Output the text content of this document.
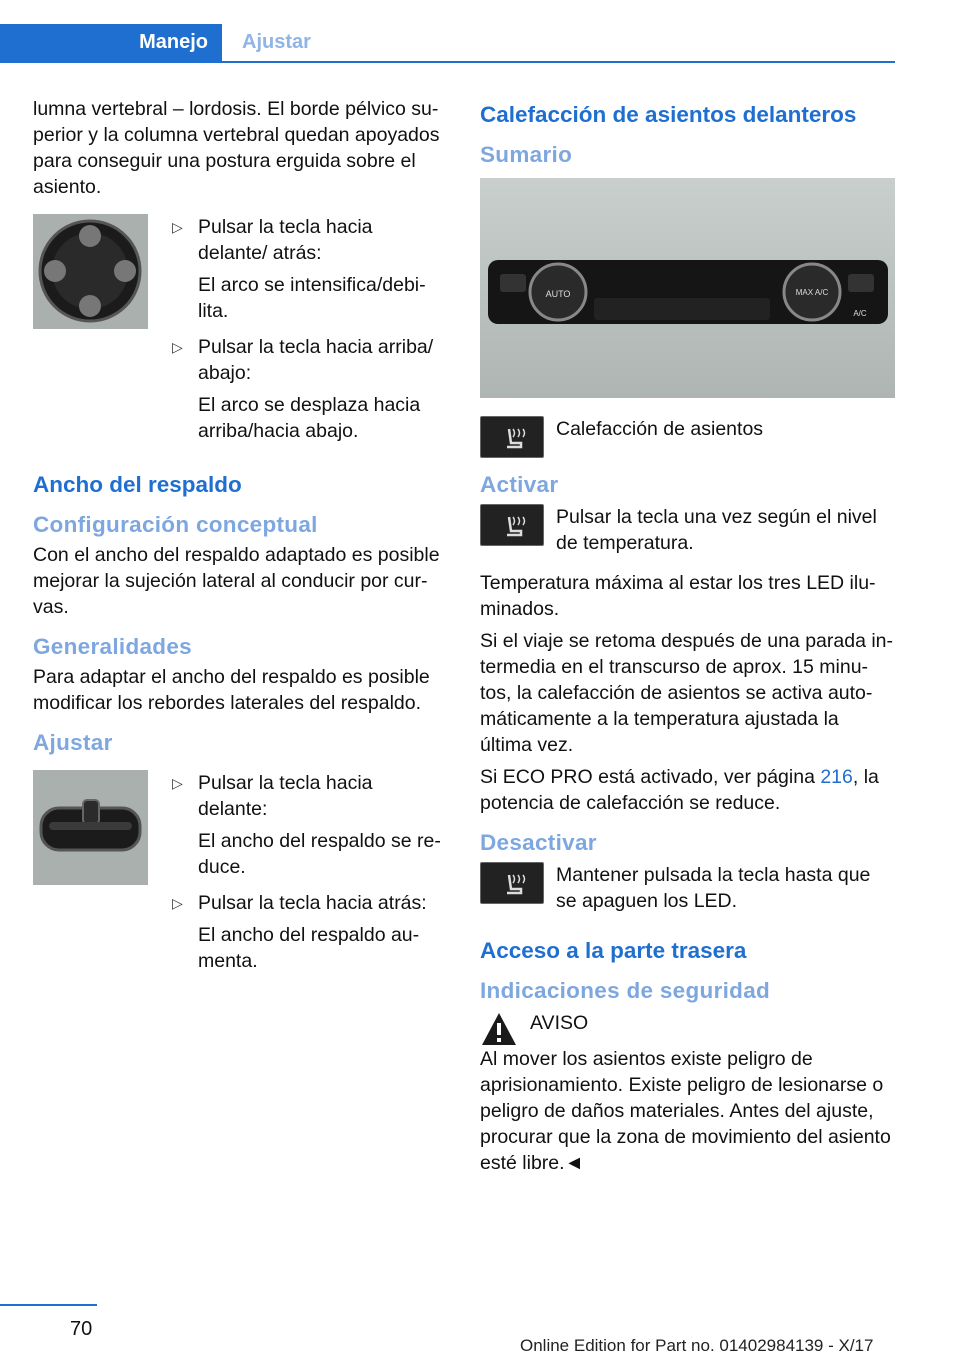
Manejo	Ajustar

lumna vertebral – lordosis. El borde pélvico su-perior y la columna vertebral quedan apoyados para conseguir una postura erguida sobre el asiento.

▷ Pulsar la tecla hacia delante/ atrás:

El arco se intensifica/debi-lita.

▷ Pulsar la tecla hacia arriba/ abajo:

El arco se desplaza hacia arriba/hacia abajo.

Ancho del respaldo
Configuración conceptual

Con el ancho del respaldo adaptado es posible mejorar la sujeción lateral al conducir por cur-vas.

Generalidades

Para adaptar el ancho del respaldo es posible modificar los rebordes laterales del respaldo.

Ajustar
▷ Pulsar la tecla hacia delante:

El ancho del respaldo se re-duce.

▷ Pulsar la tecla hacia atrás:

El ancho del respaldo au-menta.

Calefacción de asientos delanteros
Sumario
AUTO	MAX A/C
A/C

Calefacción de asientos

Activar

Pulsar la tecla una vez según el nivel de temperatura.

Temperatura máxima al estar los tres LED ilu-minados.

Si el viaje se retoma después de una parada in-termedia en el transcurso de aprox. 15 minu-tos, la calefacción de asientos se activa auto-máticamente a la temperatura ajustada la última vez.

Si ECO PRO está activado, ver página 216, la potencia de calefacción se reduce.

Desactivar

Mantener pulsada la tecla hasta que se apaguen los LED.

Acceso a la parte trasera
Indicaciones de seguridad

AVISO

Al mover los asientos existe peligro de aprisionamiento. Existe peligro de lesionarse o peligro de daños materiales. Antes del ajuste, procurar que la zona de movimiento del asiento esté libre.◄

70
Online Edition for Part no. 01402984139 - X/17
